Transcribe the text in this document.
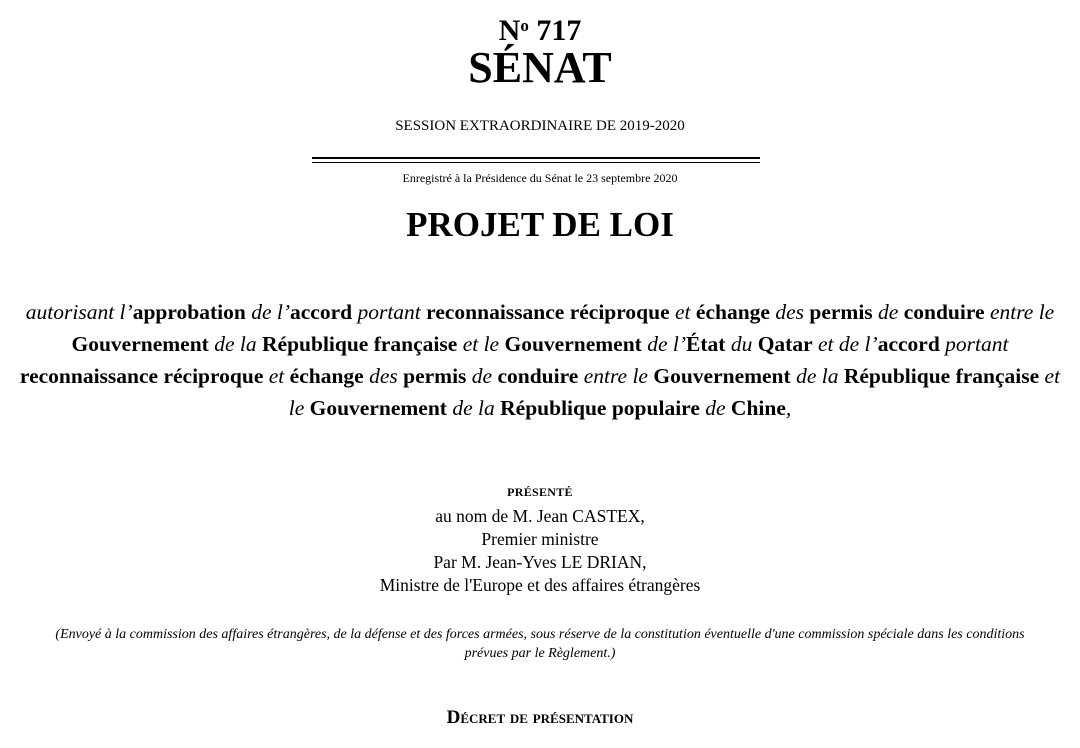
$N^o$ 717
SÉNAT
SESSION EXTRAORDINAIRE DE 2019-2020
Enregistré à la Présidence du Sénat le 23 septembre 2020
PROJET DE LOI
autorisant l’approbation de l’accord portant reconnaissance réciproque et échange des permis de conduire entre le Gouvernement de la République française et le Gouvernement de l’État du Qatar et de l’accord portant reconnaissance réciproque et échange des permis de conduire entre le Gouvernement de la République française et le Gouvernement de la République populaire de Chine,
PRÉSENTÉ
au nom de M. Jean CASTEX,
Premier ministre
Par M. Jean-Yves LE DRIAN,
Ministre de l'Europe et des affaires étrangères
(Envoyé à la commission des affaires étrangères, de la défense et des forces armées, sous réserve de la constitution éventuelle d'une commission spéciale dans les conditions prévues par le Règlement.)
Décret de présentation
